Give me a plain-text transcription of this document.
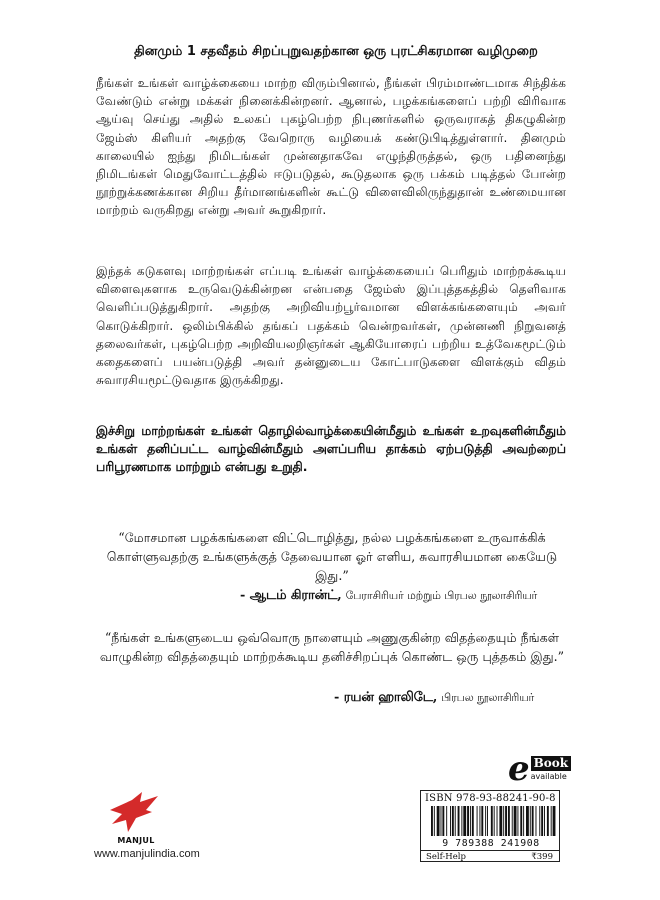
தினமும் 1 சதவீதம் சிறப்புறுவதற்கான ஒரு புரட்சிகரமான வழிமுறை

நீங்கள் உங்கள் வாழ்க்கையை மாற்ற விரும்பினால், நீங்கள் பிரம்மாண்டமாக சிந்திக்க வேண்டும் என்று மக்கள் நினைக்கின்றனர். ஆனால், பழக்கங்களைப் பற்றி விரிவாக ஆய்வு செய்து அதில் உலகப் புகழ்பெற்ற நிபுணர்களில் ஒருவராகத் திகழுகின்ற ஜேம்ஸ் கிளியர் அதற்கு வேறொரு வழியைக் கண்டுபிடித்துள்ளார். தினமும் காலையில் ஐந்து நிமிடங்கள் முன்னதாகவே எழுந்திருத்தல், ஒரு பதினைந்து நிமிடங்கள் மெதுவோட்டத்தில் ஈடுபடுதல், கூடுதலாக ஒரு பக்கம் படித்தல் போன்ற நூற்றுக்கணக்கான சிறிய தீர்மானங்களின் கூட்டு விளைவிலிருந்துதான் உண்மையான மாற்றம் வருகிறது என்று அவர் கூறுகிறார்.

இந்தக் கடுகளவு மாற்றங்கள் எப்படி உங்கள் வாழ்க்கையைப் பெரிதும் மாற்றக்கூடிய விளைவுகளாக உருவெடுக்கின்றன என்பதை ஜேம்ஸ் இப்புத்தகத்தில் தெளிவாக வெளிப்படுத்துகிறார். அதற்கு அறிவியற்பூர்வமான விளக்கங்களையும் அவர் கொடுக்கிறார். ஒலிம்பிக்கில் தங்கப் பதக்கம் வென்றவர்கள், முன்னணி நிறுவனத் தலைவர்கள், புகழ்பெற்ற அறிவியலறிஞர்கள் ஆகியோரைப் பற்றிய உத்வேகமூட்டும் கதைகளைப் பயன்படுத்தி அவர் தன்னுடைய கோட்பாடுகளை விளக்கும் விதம் சுவாரசியமூட்டுவதாக இருக்கிறது.

இச்சிறு மாற்றங்கள் உங்கள் தொழில்வாழ்க்கையின்மீதும் உங்கள் உறவுகளின்மீதும் உங்கள் தனிப்பட்ட வாழ்வின்மீதும் அளப்பரிய தாக்கம் ஏற்படுத்தி அவற்றைப் பரிபூரணமாக மாற்றும் என்பது உறுதி.

“மோசமான பழக்கங்களை விட்டொழித்து, நல்ல பழக்கங்களை உருவாக்கிக் கொள்ளுவதற்கு உங்களுக்குத் தேவையான ஓர் எளிய, சுவாரசியமான கையேடு இது.”

- ஆடம் கிரான்ட், பேராசிரியர் மற்றும் பிரபல நூலாசிரியர்

“நீங்கள் உங்களுடைய ஒவ்வொரு நாளையும் அணுகுகின்ற விதத்தையும் நீங்கள் வாழுகின்ற விதத்தையும் மாற்றக்கூடிய தனிச்சிறப்புக் கொண்ட ஒரு புத்தகம் இது.”

- ரயன் ஹாலிடே, பிரபல நூலாசிரியர்
e Book
available
ISBN 978-93-88241-90-8
9 789388 241908
Self-Help	₹399
MANJUL
www.manjulindia.com
